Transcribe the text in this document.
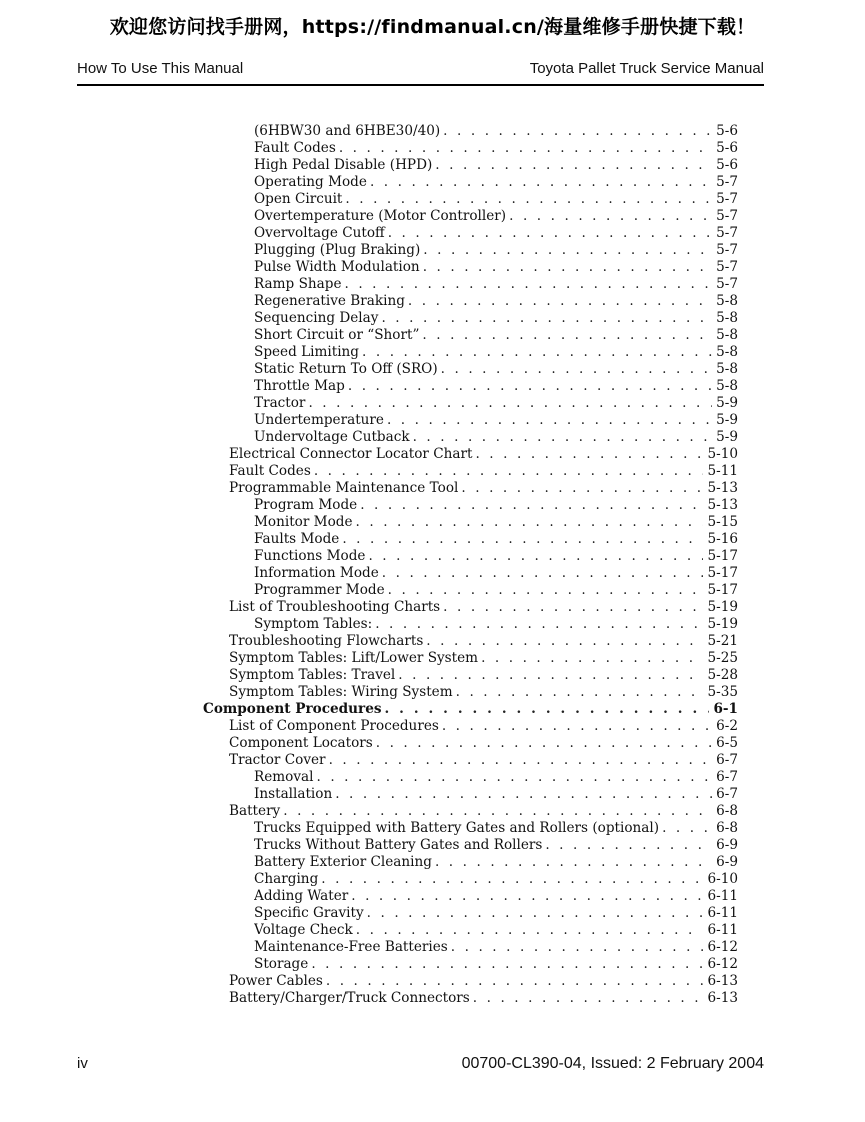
欢迎您访问找手册网，https://findmanual.cn/海量维修手册快捷下载！
How To Use This Manual	Toyota Pallet Truck Service Manual
(6HBW30 and 6HBE30/40) . . .	5-6
Fault Codes . . .	5-6
High Pedal Disable (HPD) . . .	5-6
Operating Mode . . .	5-7
Open Circuit . . .	5-7
Overtemperature (Motor Controller) . . .	5-7
Overvoltage Cutoff . . .	5-7
Plugging (Plug Braking) . . .	5-7
Pulse Width Modulation . . .	5-7
Ramp Shape . . .	5-7
Regenerative Braking . . .	5-8
Sequencing Delay . . .	5-8
Short Circuit or “Short” . . .	5-8
Speed Limiting . . .	5-8
Static Return To Off (SRO) . . .	5-8
Throttle Map . . .	5-8
Tractor . . .	5-9
Undertemperature . . .	5-9
Undervoltage Cutback . . .	5-9
Electrical Connector Locator Chart . . .	5-10
Fault Codes . . .	5-11
Programmable Maintenance Tool . . .	5-13
Program Mode . . .	5-13
Monitor Mode . . .	5-15
Faults Mode . . .	5-16
Functions Mode . . .	5-17
Information Mode . . .	5-17
Programmer Mode . . .	5-17
List of Troubleshooting Charts . . .	5-19
Symptom Tables: . . .	5-19
Troubleshooting Flowcharts . . .	5-21
Symptom Tables: Lift/Lower System . . .	5-25
Symptom Tables: Travel . . .	5-28
Symptom Tables: Wiring System . . .	5-35
Component Procedures . . .	6-1
List of Component Procedures . . .	6-2
Component Locators . . .	6-5
Tractor Cover . . .	6-7
Removal . . .	6-7
Installation . . .	6-7
Battery . . .	6-8
Trucks Equipped with Battery Gates and Rollers (optional) . . .	6-8
Trucks Without Battery Gates and Rollers . . .	6-9
Battery Exterior Cleaning . . .	6-9
Charging . . .	6-10
Adding Water . . .	6-11
Specific Gravity . . .	6-11
Voltage Check . . .	6-11
Maintenance-Free Batteries . . .	6-12
Storage . . .	6-12
Power Cables . . .	6-13
Battery/Charger/Truck Connectors . . .	6-13
iv	00700-CL390-04, Issued: 2 February 2004
